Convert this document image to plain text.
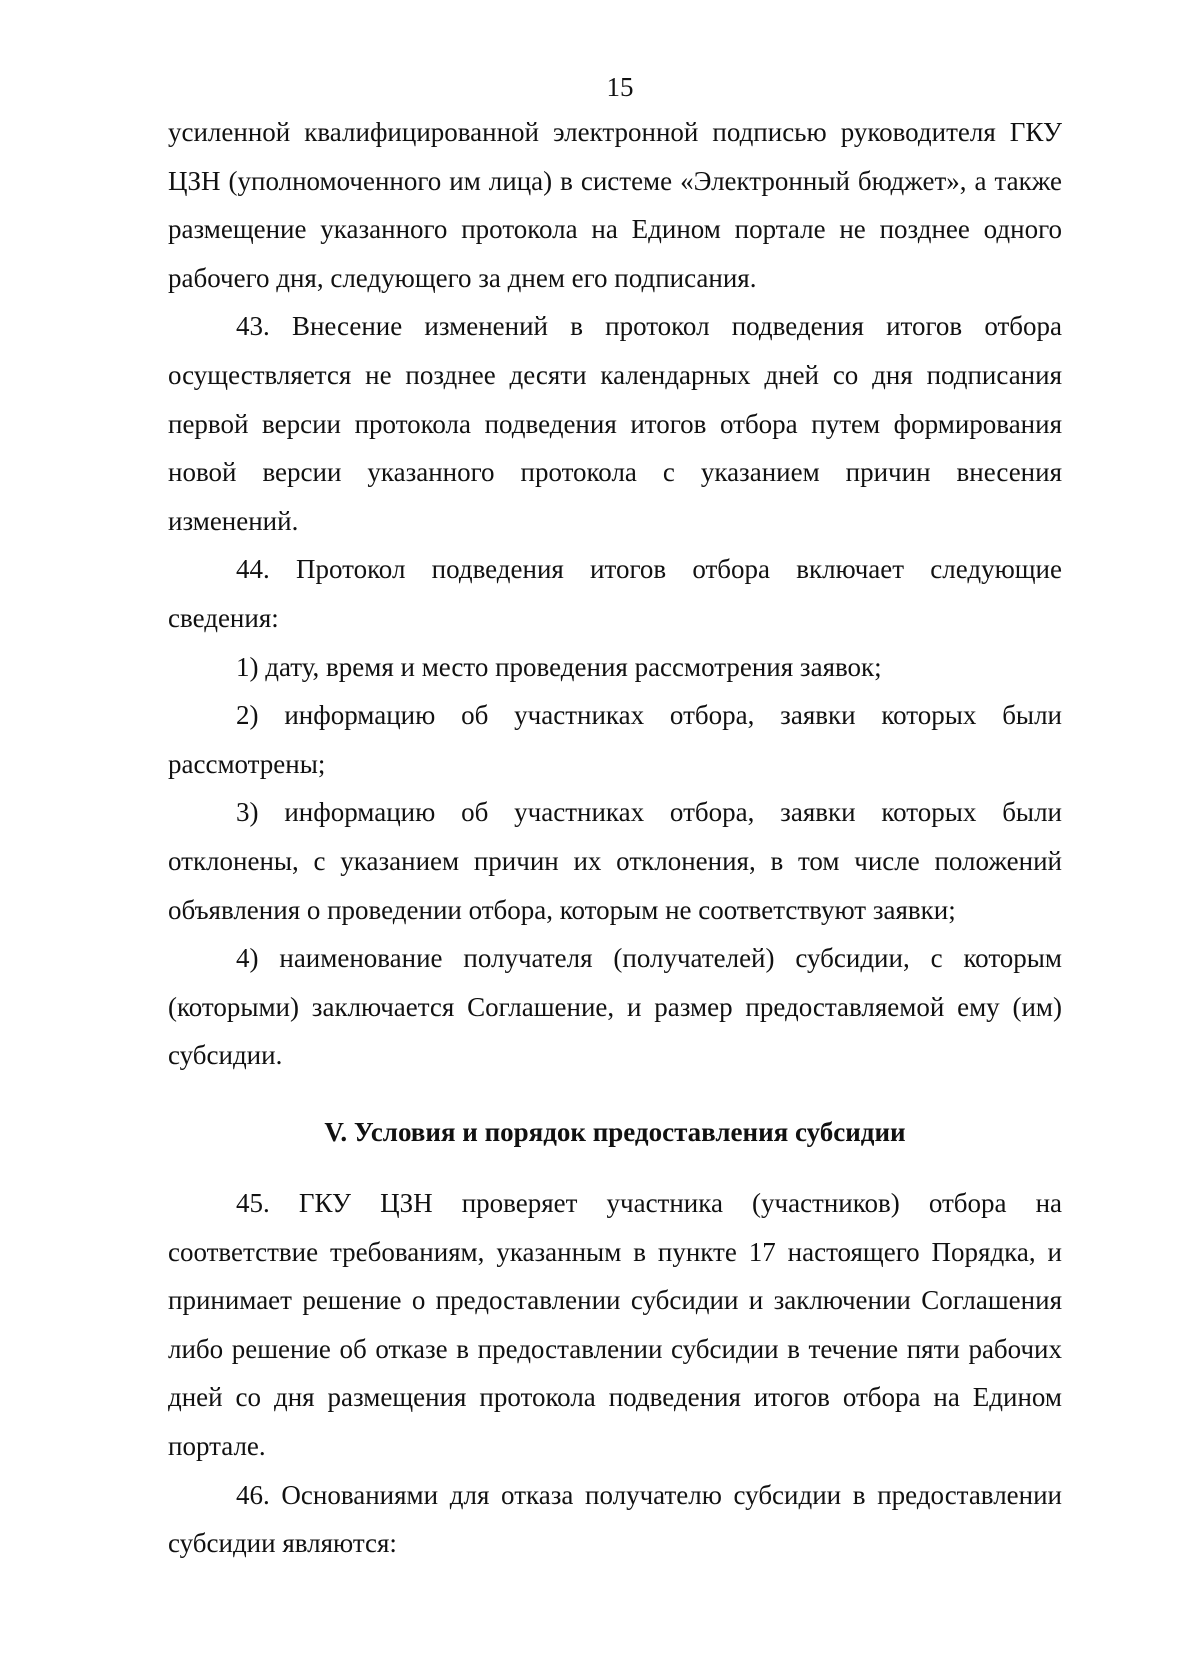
15

усиленной квалифицированной электронной подписью руководителя ГКУ ЦЗН (уполномоченного им лица) в системе «Электронный бюджет», а также размещение указанного протокола на Едином портале не позднее одного рабочего дня, следующего за днем его подписания.

43. Внесение изменений в протокол подведения итогов отбора осуществляется не позднее десяти календарных дней со дня подписания первой версии протокола подведения итогов отбора путем формирования новой версии указанного протокола с указанием причин внесения изменений.

44. Протокол подведения итогов отбора включает следующие сведения:

1) дату, время и место проведения рассмотрения заявок;

2) информацию об участниках отбора, заявки которых были рассмотрены;

3) информацию об участниках отбора, заявки которых были отклонены, с указанием причин их отклонения, в том числе положений объявления о проведении отбора, которым не соответствуют заявки;

4) наименование получателя (получателей) субсидии, с которым (которыми) заключается Соглашение, и размер предоставляемой ему (им) субсидии.

V. Условия и порядок предоставления субсидии

45. ГКУ ЦЗН проверяет участника (участников) отбора на соответствие требованиям, указанным в пункте 17 настоящего Порядка, и принимает решение о предоставлении субсидии и заключении Соглашения либо решение об отказе в предоставлении субсидии в течение пяти рабочих дней со дня размещения протокола подведения итогов отбора на Едином портале.

46. Основаниями для отказа получателю субсидии в предоставлении субсидии являются:
